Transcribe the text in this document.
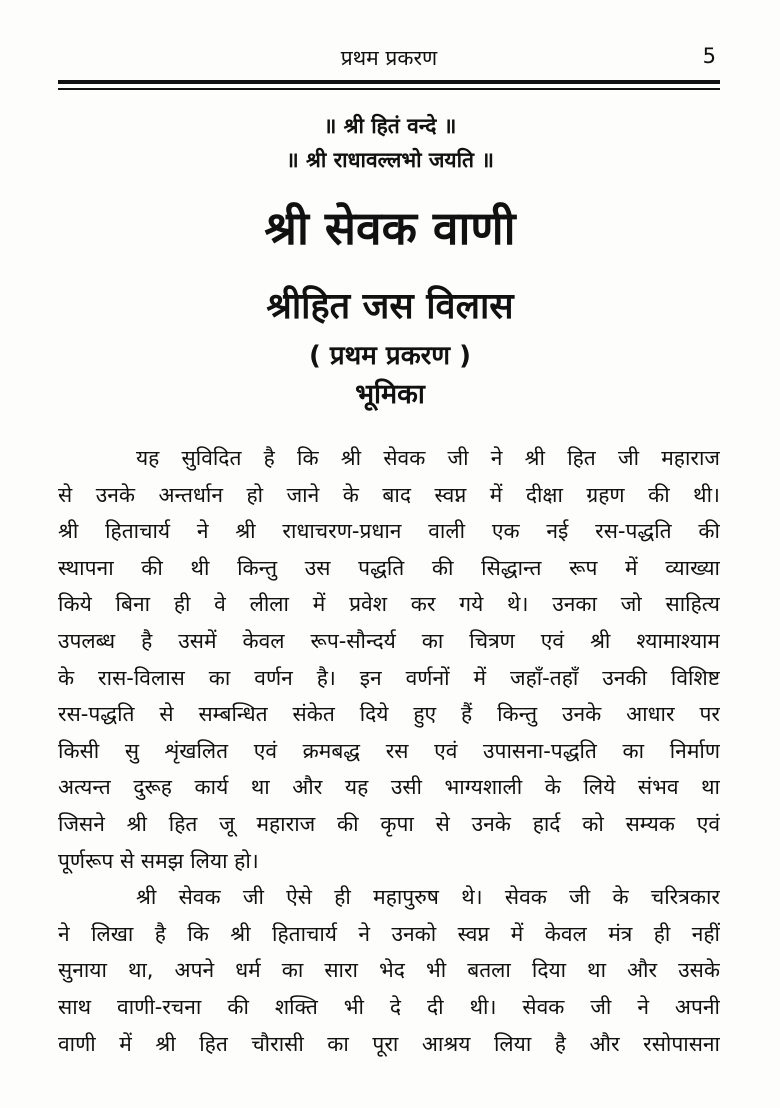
प्रथम प्रकरण	5
॥ श्री हितं वन्दे ॥
॥ श्री राधावल्लभो जयति ॥
श्री सेवक वाणी
श्रीहित जस विलास
( प्रथम प्रकरण )
भूमिका
यह सुविदित है कि श्री सेवक जी ने श्री हित जी महाराज
से उनके अन्तर्धान हो जाने के बाद स्वप्न में दीक्षा ग्रहण की थी।
श्री हिताचार्य ने श्री राधाचरण-प्रधान वाली एक नई रस-पद्धति की
स्थापना की थी किन्तु उस पद्धति की सिद्धान्त रूप में व्याख्या
किये बिना ही वे लीला में प्रवेश कर गये थे। उनका जो साहित्य
उपलब्ध है उसमें केवल रूप-सौन्दर्य का चित्रण एवं श्री श्यामाश्याम
के रास-विलास का वर्णन है। इन वर्णनों में जहाँ-तहाँ उनकी विशिष्ट
रस-पद्धति से सम्बन्धित संकेत दिये हुए हैं किन्तु उनके आधार पर
किसी सु शृंखलित एवं क्रमबद्ध रस एवं उपासना-पद्धति का निर्माण
अत्यन्त दुरूह कार्य था और यह उसी भाग्यशाली के लिये संभव था
जिसने श्री हित जू महाराज की कृपा से उनके हार्द को सम्यक एवं
पूर्णरूप से समझ लिया हो।
श्री सेवक जी ऐसे ही महापुरुष थे। सेवक जी के चरित्रकार
ने लिखा है कि श्री हिताचार्य ने उनको स्वप्न में केवल मंत्र ही नहीं
सुनाया था, अपने धर्म का सारा भेद भी बतला दिया था और उसके
साथ वाणी-रचना की शक्ति भी दे दी थी। सेवक जी ने अपनी
वाणी में श्री हित चौरासी का पूरा आश्रय लिया है और रसोपासना
